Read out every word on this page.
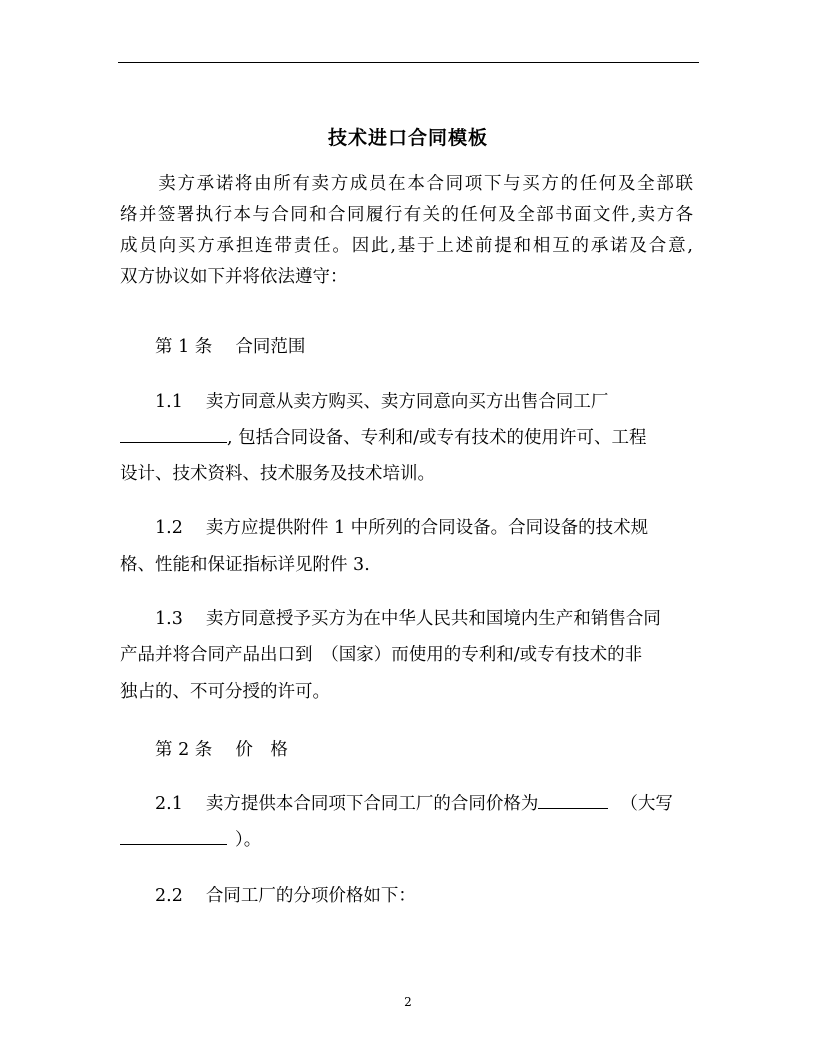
技术进口合同模板
　　卖方承诺将由所有卖方成员在本合同项下与买方的任何及全部联
络并签署执行本与合同和合同履行有关的任何及全部书面文件,卖方各
成员向买方承担连带责任。因此,基于上述前提和相互的承诺及合意,
双方协议如下并将依法遵守：
　　第 1 条　 合同范围
　　1.1　 卖方同意从卖方购买、卖方同意向买方出售合同工厂
, 包括合同设备、专利和/或专有技术的使用许可、工程
设计、技术资料、技术服务及技术培训。
　　1.2　 卖方应提供附件 1 中所列的合同设备。合同设备的技术规
格、性能和保证指标详见附件 3.
　　1.3　 卖方同意授予买方为在中华人民共和国境内生产和销售合同
产品并将合同产品出口到　（国家）而使用的专利和/或专有技术的非
独占的、不可分授的许可。
　　第 2 条　 价　格
　　2.1　 卖方提供本合同项下合同工厂的合同价格为	（大写
）。
　　2.2　 合同工厂的分项价格如下：
2
